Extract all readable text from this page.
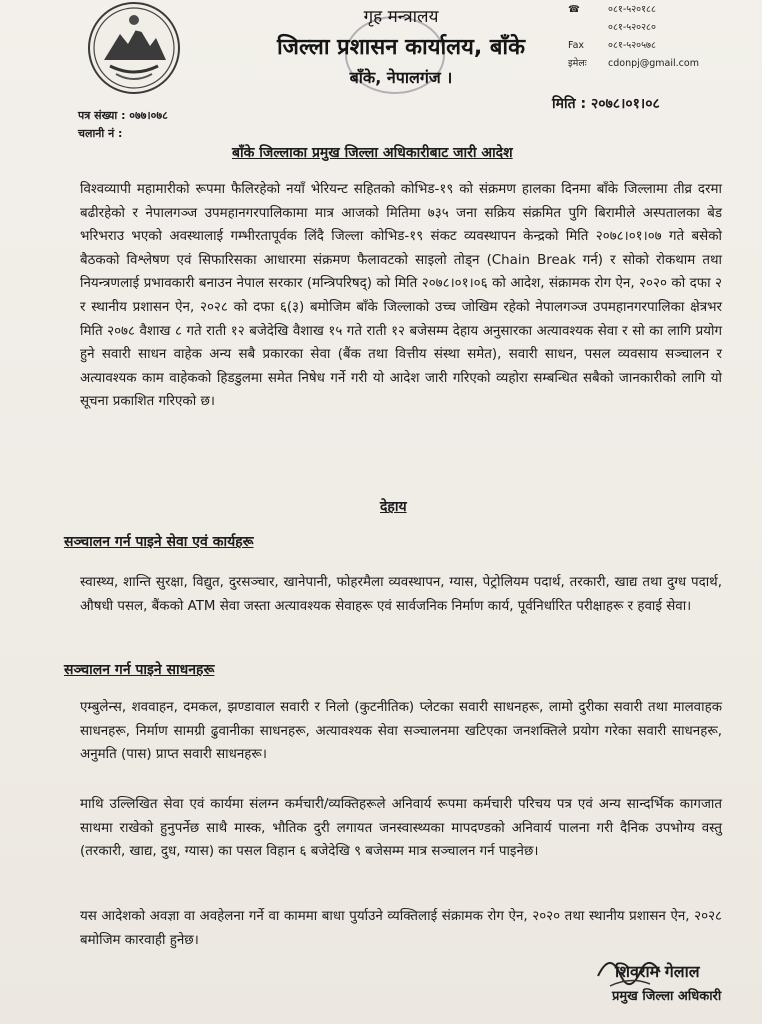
गृह मन्त्रालय
जिल्ला प्रशासन कार्यालय, बाँके
बाँके, नेपालगंज ।
☎	०८१-५२०१८८
०८१-५२०२८०
Fax	०८१-५२०५७८
इमेलः cdonpj@gmail.com
पत्र संख्या : ०७७।०७८
चलानी नं :
मिति : २०७८।०१।०८
बाँके जिल्लाका प्रमुख जिल्ला अधिकारीबाट जारी आदेश

विश्वव्यापी महामारीको रूपमा फैलिरहेको नयाँ भेरियन्ट सहितको कोभिड-१९ को संक्रमण हालका दिनमा बाँके जिल्लामा तीव्र दरमा बढीरहेको र नेपालगञ्ज उपमहानगरपालिकामा मात्र आजको मितिमा ७३५ जना सक्रिय संक्रमित पुगि बिरामीले अस्पतालका बेड भरिभराउ भएको अवस्थालाई गम्भीरतापूर्वक लिंदै जिल्ला कोभिड-१९ संकट व्यवस्थापन केन्द्रको मिति २०७८।०१।०७ गते बसेको बैठकको विश्लेषण एवं सिफारिसका आधारमा संक्रमण फैलावटको साइलो तोड्न (Chain Break गर्न) र सोको रोकथाम तथा नियन्त्रणलाई प्रभावकारी बनाउन नेपाल सरकार (मन्त्रिपरिषद्) को मिति २०७८।०१।०६ को आदेश, संक्रामक रोग ऐन, २०२० को दफा २ र स्थानीय प्रशासन ऐन, २०२८ को दफा ६(३) बमोजिम बाँके जिल्लाको उच्च जोखिम रहेको नेपालगञ्ज उपमहानगरपालिका क्षेत्रभर मिति २०७८ वैशाख ८ गते राती १२ बजेदेखि वैशाख १५ गते राती १२ बजेसम्म देहाय अनुसारका अत्यावश्यक सेवा र सो का लागि प्रयोग हुने सवारी साधन वाहेक अन्य सबै प्रकारका सेवा (बैंक तथा वित्तीय संस्था समेत), सवारी साधन, पसल व्यवसाय सञ्चालन र अत्यावश्यक काम वाहेकको हिडडुलमा समेत निषेध गर्ने गरी यो आदेश जारी गरिएको व्यहोरा सम्बन्धित सबैको जानकारीको लागि यो सूचना प्रकाशित गरिएको छ।

देहाय
सञ्चालन गर्न पाइने सेवा एवं कार्यहरू

स्वास्थ्य, शान्ति सुरक्षा, विद्युत, दुरसञ्चार, खानेपानी, फोहरमैला व्यवस्थापन, ग्यास, पेट्रोलियम पदार्थ, तरकारी, खाद्य तथा दुग्ध पदार्थ, औषधी पसल, बैंकको ATM सेवा जस्ता अत्यावश्यक सेवाहरू एवं सार्वजनिक निर्माण कार्य, पूर्वनिर्धारित परीक्षाहरू र हवाई सेवा।

सञ्चालन गर्न पाइने साधनहरू

एम्बुलेन्स, शववाहन, दमकल, झण्डावाल सवारी र निलो (कुटनीतिक) प्लेटका सवारी साधनहरू, लामो दुरीका सवारी तथा मालवाहक साधनहरू, निर्माण सामग्री ढुवानीका साधनहरू, अत्यावश्यक सेवा सञ्चालनमा खटिएका जनशक्तिले प्रयोग गरेका सवारी साधनहरू, अनुमति (पास) प्राप्त सवारी साधनहरू।

माथि उल्लिखित सेवा एवं कार्यमा संलग्न कर्मचारी/व्यक्तिहरूले अनिवार्य रूपमा कर्मचारी परिचय पत्र एवं अन्य सान्दर्भिक कागजात साथमा राखेको हुनुपर्नेछ साथै मास्क, भौतिक दुरी लगायत जनस्वास्थ्यका मापदण्डको अनिवार्य पालना गरी दैनिक उपभोग्य वस्तु (तरकारी, खाद्य, दुध, ग्यास) का पसल विहान ६ बजेदेखि ९ बजेसम्म मात्र सञ्चालन गर्न पाइनेछ।

यस आदेशको अवज्ञा वा अवहेलना गर्ने वा काममा बाधा पुर्याउने व्यक्तिलाई संक्रामक रोग ऐन, २०२० तथा स्थानीय प्रशासन ऐन, २०२८ बमोजिम कारवाही हुनेछ।

शिवराम गेलाल
प्रमुख जिल्ला अधिकारी
